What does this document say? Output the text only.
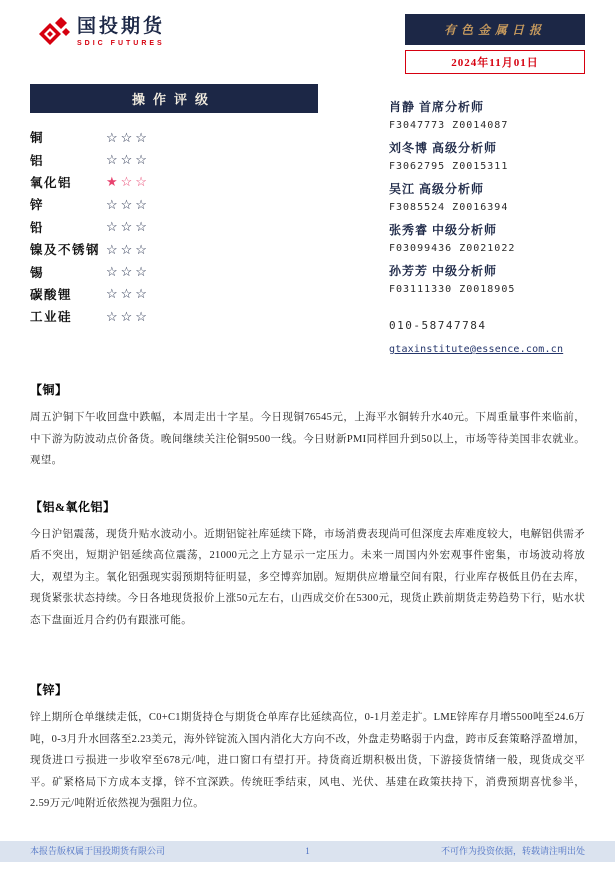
国投期货
SDIC FUTURES
有色金属日报
2024年11月01日
操作评级
铜	☆☆☆
铝	☆☆☆
氧化铝	★☆☆
锌	☆☆☆
铅	☆☆☆
镍及不锈钢 ☆☆☆
锡	☆☆☆
碳酸锂	☆☆☆
工业硅	☆☆☆
肖静 首席分析师
F3047773 Z0014087
刘冬博 高级分析师
F3062795 Z0015311
吴江 高级分析师
F3085524 Z0016394
张秀睿 中级分析师
F03099436 Z0021022
孙芳芳 中级分析师
F03111330 Z0018905
010-58747784
gtaxinstitute@essence.com.cn
【铜】
周五沪铜下午收回盘中跌幅，本周走出十字星。今日现铜76545元，上海平水铜转升水40元。下周重量事件来临前，中下游为防波动点价备货。晚间继续关注伦铜9500一线。今日财新PMI同样回升到50以上，市场等待美国非农就业。观望。
【铝&氧化铝】
今日沪铝震荡，现货升贴水波动小。近期铝锭社库延续下降，市场消费表现尚可但深度去库难度较大，电解铝供需矛盾不突出，短期沪铝延续高位震荡，21000元之上方显示一定压力。未来一周国内外宏观事件密集，市场波动将放大，观望为主。氧化铝强现实弱预期特征明显，多空博弈加剧。短期供应增量空间有限，行业库存极低且仍在去库，现货紧张状态持续。今日各地现货报价上涨50元左右，山西成交价在5300元，现货止跌前期货走势趋势下行，贴水状态下盘面近月合约仍有跟涨可能。
【锌】
锌上期所仓单继续走低，C0+C1期货持仓与期货仓单库存比延续高位，0-1月差走扩。LME锌库存月增5500吨至24.6万吨，0-3月升水回落至2.23美元，海外锌锭流入国内消化大方向不改，外盘走势略弱于内盘，跨市反套策略浮盈增加，现货进口亏损进一步收窄至678元/吨，进口窗口有望打开。持货商近期积极出货，下游接货情绪一般，现货成交平平。矿紧格局下方成本支撑，锌不宜深跌。传统旺季结束，风电、光伏、基建在政策扶持下，消费预期喜忧参半，2.59万元/吨附近依然视为强阻力位。
本报告版权属于国投期货有限公司	1	不可作为投资依据，转载请注明出处
